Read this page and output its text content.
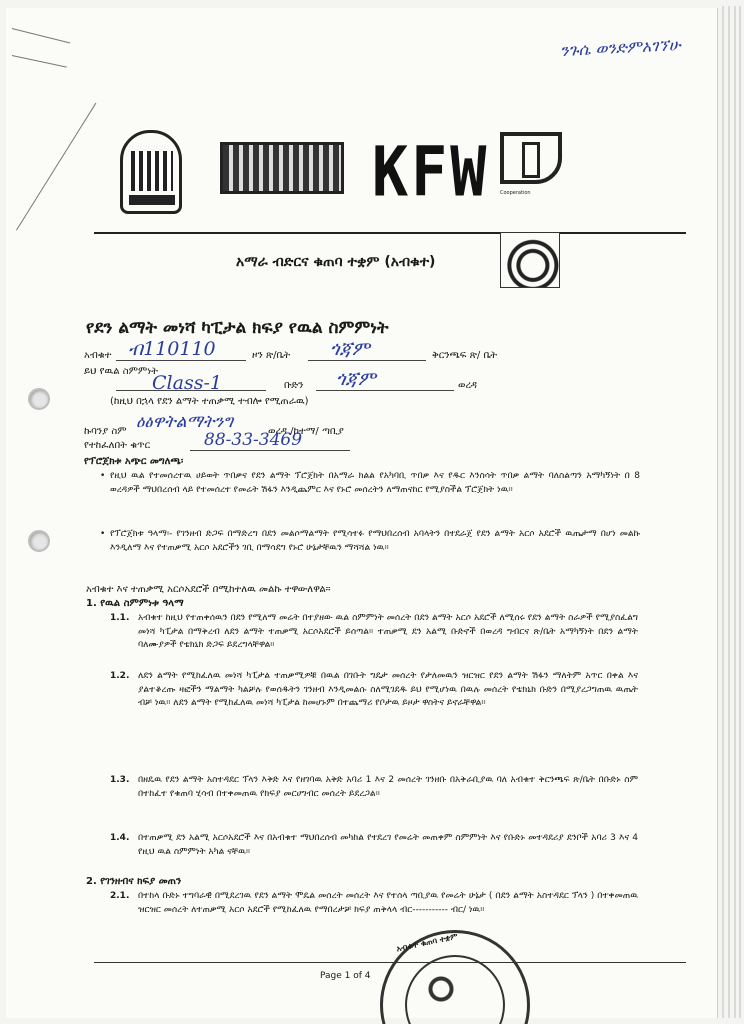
ንጉሴ ወንድምአገኘሁ
KFW Cooperation
አማራ ብድርና ቁጠባ ተቋም (አብቁተ)
የደን ልማት መነሻ ካፒታል ክፍያ የዉል ስምምነት
አብቁተ ብ110110	ዞን ጽ/ቤት ጎጃም	ቅርንጫፍ ጽ/ ቤት
ይህ የዉል ስምምነት
Class-1	ቡድን ጎጃም	ወረዳ
(ከዚህ በኋላ የደን ልማት ተጠቃሚ ተብሎ የሚጠራዉ)
ኩባንያ ስም ዕፅዋትልማትንግ	ወረዳ /ከተማ/ ጣቢያ
የተከፈለበት ቁጥር	88-33-3469
የፕሮጀክቱ አጭር መግለጫ፡
• የዚህ ዉል የተመሰረተዉ ሀይወት ጥበቃና የደን ልማት ፕሮጀክት በአማራ ክልል የአካባቢ ጥበቃ እና የዱር እንስሳት ጥበቃ ልማት ባለስልጣን አማካኝነት በ 8 ወረዳዎች ማህበረሰብ ላይ የተመሰረተ የመሬት ሽፋን እንዲጨምር እና የኑሮ መሰረትን ለማጠናከር የሚያስችል ፕሮጀክት ነዉ።
• የፕሮጀክቱ ዓላማ፡- የገንዘብ ድጋፍ በማድረግ በደን መልሶማልማት የሚሳተፉ የማህበረሰብ አባላትን በተደራጀ የደን ልማት አርሶ አደሮች ዉጤታማ በሆነ መልኩ እንዲለማ እና የተጠቃሚ አርሶ አደሮችን ገቢ በማሳደግ የኑሮ ሁኔታቸዉን ማሻሻል ነዉ።
አብቁተ እና ተጠቃሚ አርሶአደሮች በሚከተለዉ መልኩ ተዋውለዋል።
1. የዉል ስምምነቱ ዓላማ
1.1. አብቁተ ከዚህ የተጠቀሰዉን በደን የሚለማ መሬት በተያዘው ዉል ስምምነት መሰረት በደን ልማት አርሶ አደሮች ለሚሰሩ የደን ልማት ስራዎች የሚያስፈልግ መነሻ ካፒታል በማቅረብ ለደን ልማት ተጠቃሚ አርሶአደሮች ይሰጣል። ተጠቃሚ ደን አልሚ ቡድኖች በወረዳ ግብርና ጽ/ቤት አማካኝነት በደን ልማት ባለሙያዎች የቴክኒክ ድጋፍ ይደረግላቸዋል።
1.2. ለደን ልማት የሚከፈለዉ መነሻ ካፒታል ተጠቃሚዎቹ በዉል በገቡት ግዴታ መሰረት የታለመዉን ዝርዝር የደን ልማት ሽፋን ማለትም አጥር በቀል እና ያልተቆረጡ ዛፎችን ማልማት ካልቻሉ የወሰዱትን ገንዘብ እንዲመልሱ ስለሚገደዱ ይህ የሚሆነዉ በዉሉ መሰረት የቴክኒክ ቡድን በሚያረጋግጠዉ ዉጤት ብቻ ነዉ። ለደን ልማት የሚከፈለዉ መነሻ ካፒታል ከመሆኑም በተጨማሪ የቦታዉ ይዞታ ዋስትና ይኖራቸዋል።
1.3. በዘዴዉ የደን ልማት አስተዳደር ፕላን እቅድ እና የዘገባዉ አቅድ አባሪ 1 እና 2 መሰረት ገንዘቡ በአቅራቢያዉ ባለ አብቁተ ቅርንጫፍ ጽ/ቤት በቡድኑ ስም በተከፈተ የቁጠባ ሂሳብ በተቀመጠዉ የክፍያ መርሀግብር መሰረት ይደረጋል።
1.4. በተጠቃሚ ደን አልሚ አርሶአደሮች እና በአብቁተ ማህበረሰብ መካከል የተደረገ የመሬት መጠቀም ስምምነት እና የቡድኑ መተዳደሪያ ደንቦች አባሪ 3 እና 4 የዚህ ዉል ስምምነት አካል ናቸዉ።
2. የገንዘብና ክፍያ መጠን
2.1. በተከላ ቡድኑ ተግባራዊ በሚደረገዉ የደን ልማት ሞዴል መሰረት መሰረት እና የተሰላ ጣቢያዉ የመሬት ሁኔታ ( በደን ልማት አስተዳደር ፕላን ) በተቀመጠዉ ዝርዝር መሰረት ለተጠቃሚ አርሶ አደሮች የሚከፈለዉ የማበረታቻ ክፍያ ጠቅላላ ብር----------- ብር/ ነዉ።
አብቁተ ቁጠባ ተቋም
Page 1 of 4
